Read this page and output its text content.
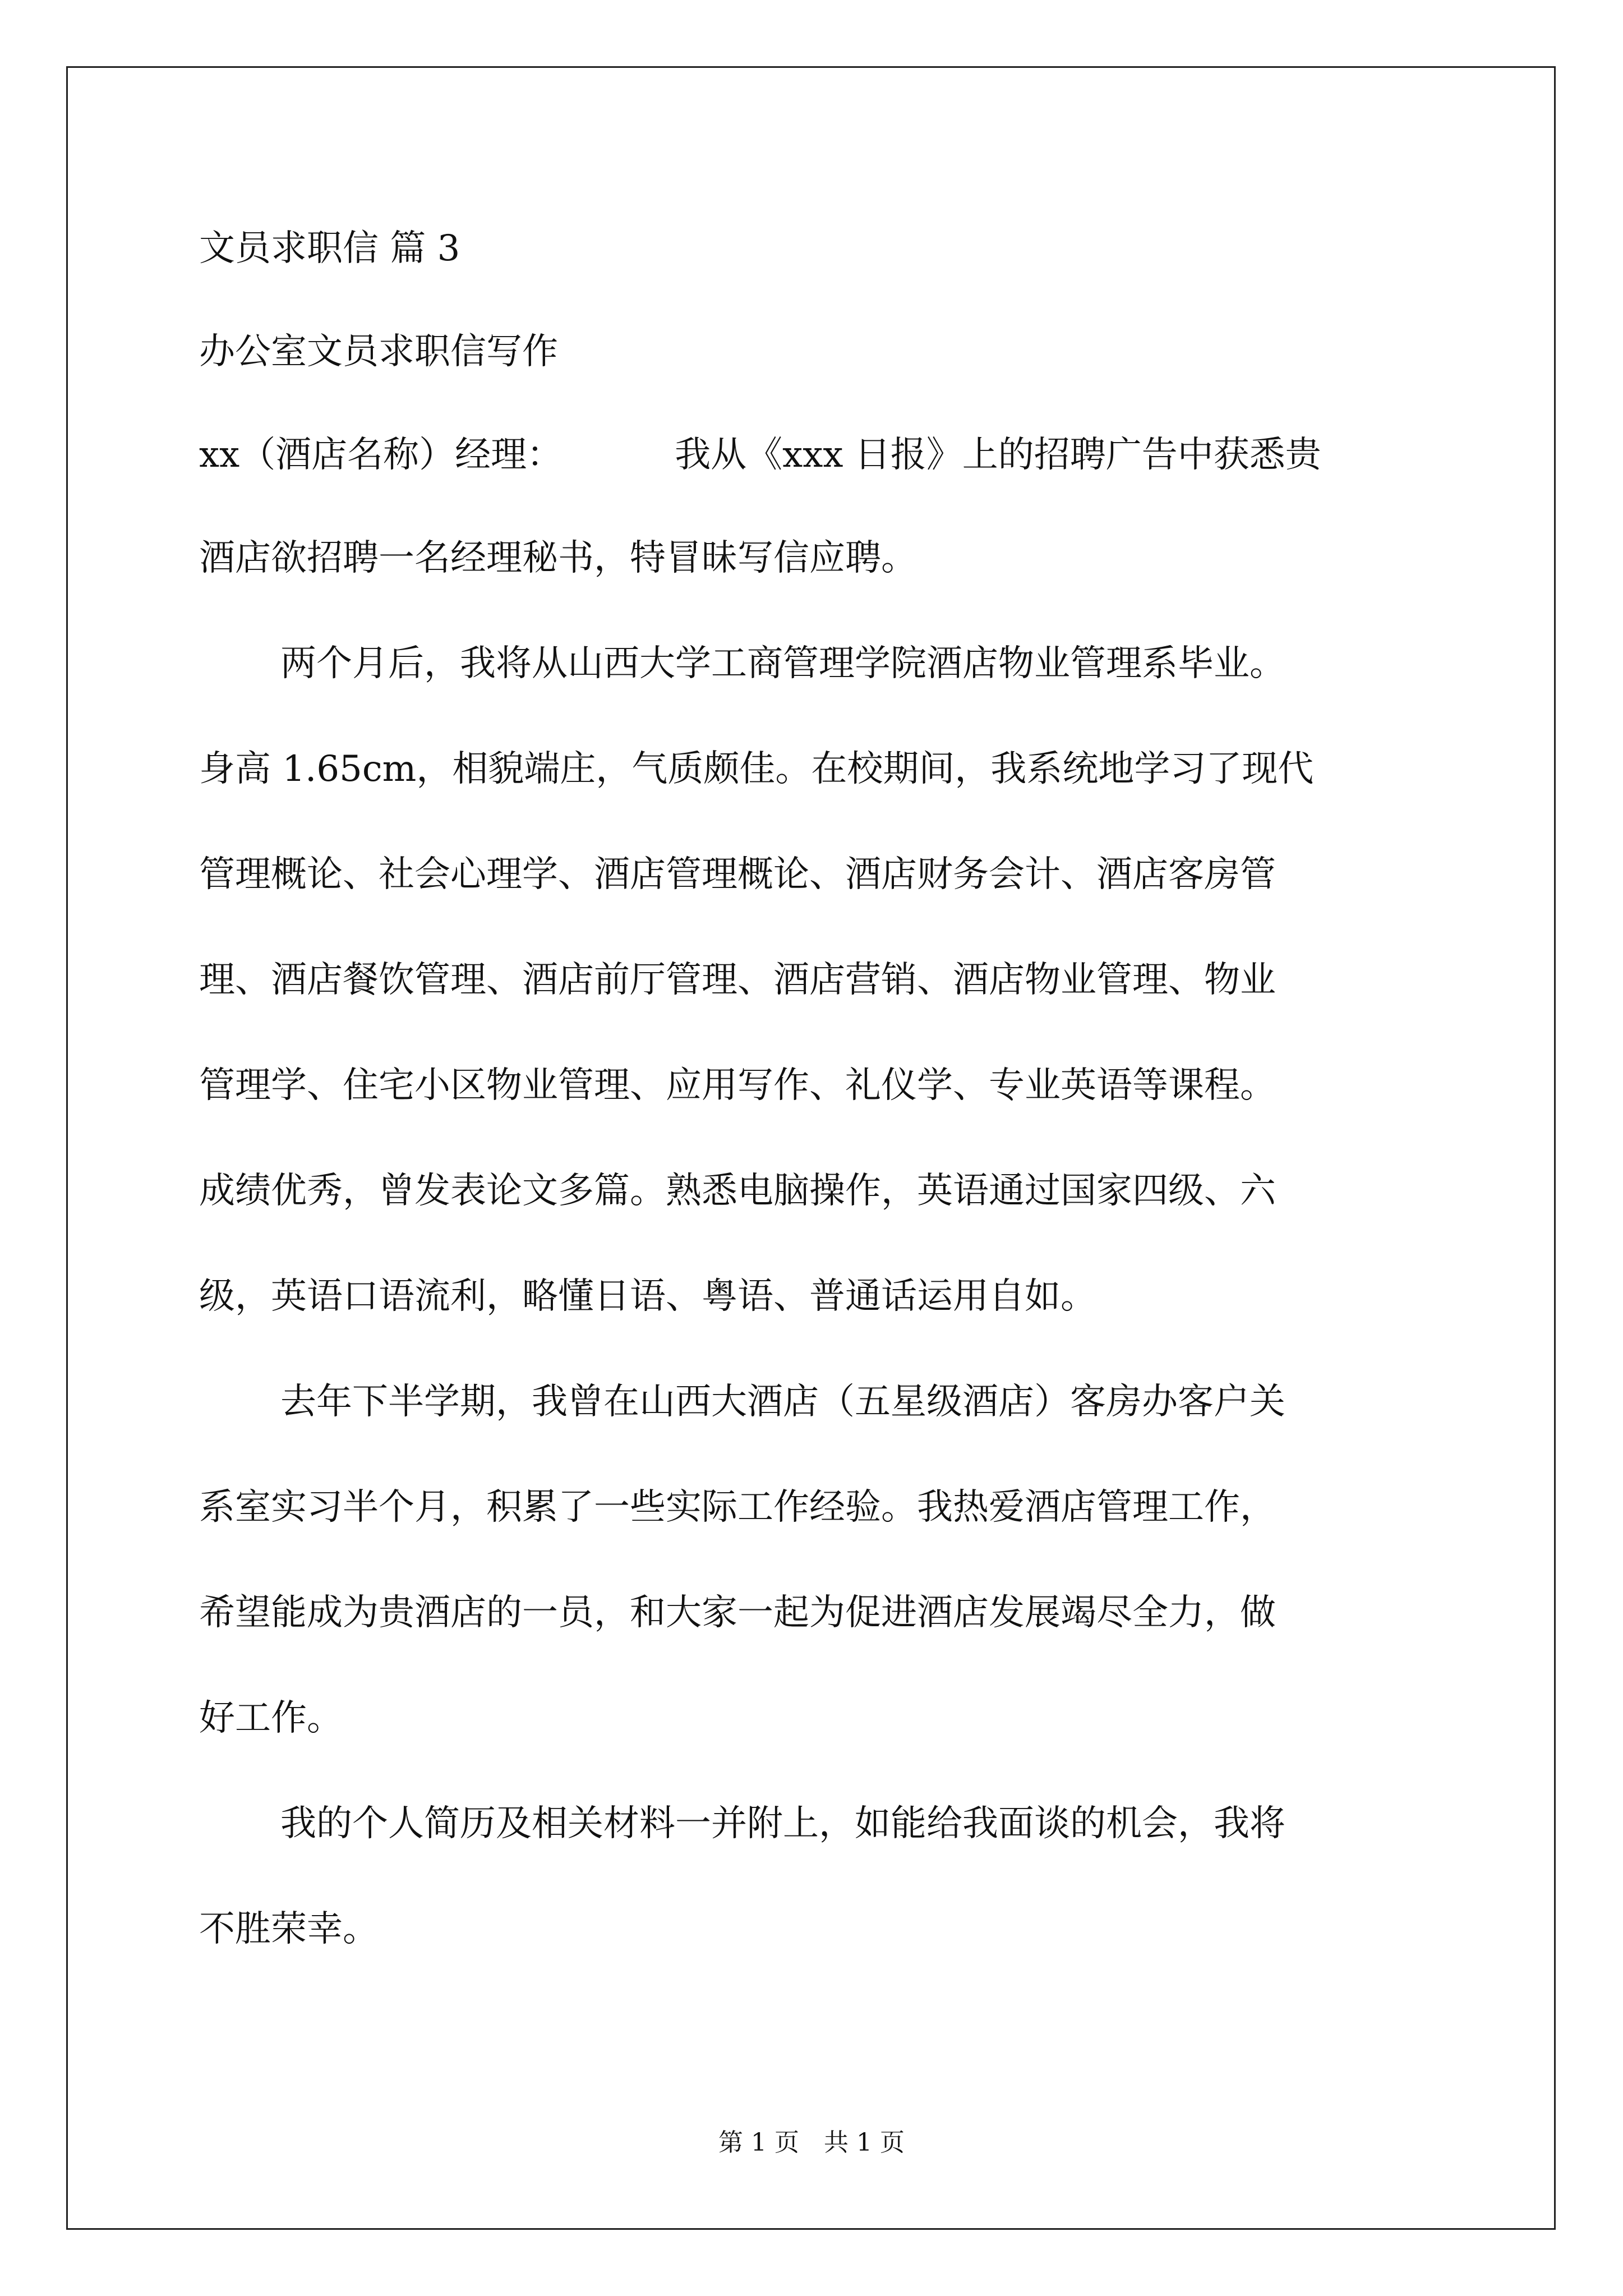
文员求职信 篇 3
办公室文员求职信写作
xx（酒店名称）经理：	我从《xxx 日报》上的招聘广告中获悉贵
酒店欲招聘一名经理秘书，特冒昧写信应聘。
两个月后，我将从山西大学工商管理学院酒店物业管理系毕业。
身高 1.65cm，相貌端庄，气质颇佳。在校期间，我系统地学习了现代
管理概论、社会心理学、酒店管理概论、酒店财务会计、酒店客房管
理、酒店餐饮管理、酒店前厅管理、酒店营销、酒店物业管理、物业
管理学、住宅小区物业管理、应用写作、礼仪学、专业英语等课程。
成绩优秀，曾发表论文多篇。熟悉电脑操作，英语通过国家四级、六
级，英语口语流利，略懂日语、粤语、普通话运用自如。
去年下半学期，我曾在山西大酒店（五星级酒店）客房办客户关
系室实习半个月，积累了一些实际工作经验。我热爱酒店管理工作，
希望能成为贵酒店的一员，和大家一起为促进酒店发展竭尽全力，做
好工作。
我的个人简历及相关材料一并附上，如能给我面谈的机会，我将
不胜荣幸。
第 1 页　共 1 页
